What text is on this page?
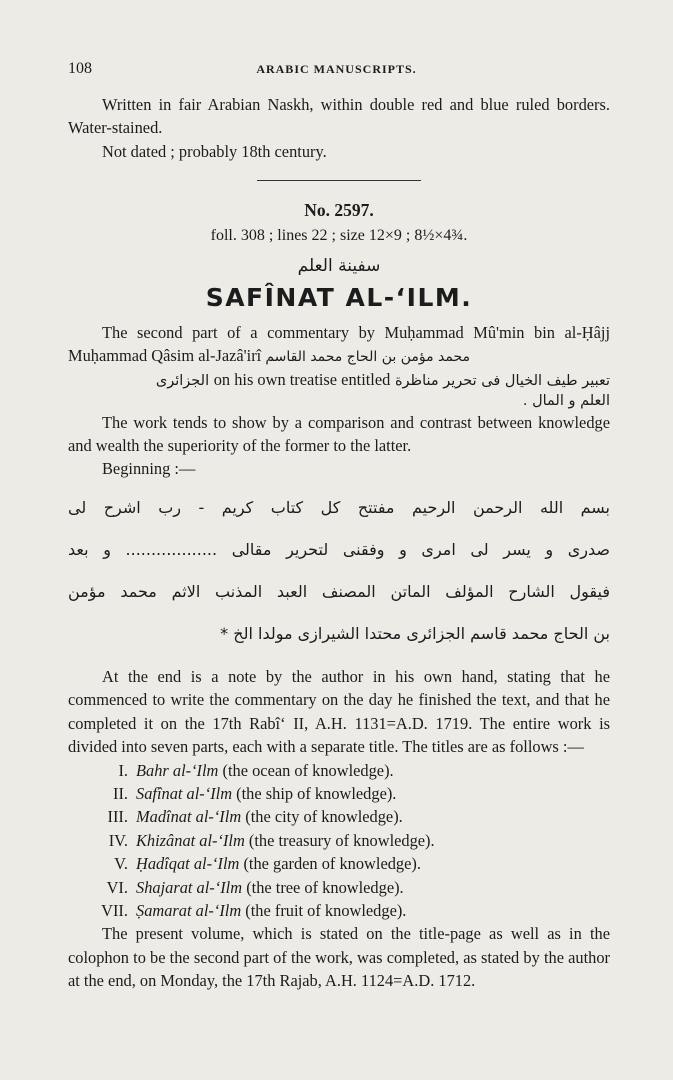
108	ARABIC MANUSCRIPTS.

Written in fair Arabian Naskh, within double red and blue ruled borders. Water-stained.

Not dated ; probably 18th century.

No. 2597.
foll. 308 ; lines 22 ; size 12×9 ; 8½×4¾.
سفينة العلم
SAFÎNAT AL-‘ILM.

The second part of a commentary by Muḥammad Mû'min bin al-Ḥâjj Muḥammad Qâsim al-Jazâ'irî محمد مؤمن بن الحاج محمد القاسم

تعبير طيف الخيال فى تحرير مناظرة on his own treatise entitled الجزائرى
العلم و المال .

The work tends to show by a comparison and contrast between knowledge and wealth the superiority of the former to the latter.

Beginning :—

بسم الله الرحمن الرحيم مفتتح كل كتاب كريم - رب اشرح لى
صدرى و يسر لى امرى و وفقنى لتحرير مقالى .................. و بعد
فيقول الشارح المؤلف الماتن المصنف العبد المذنب الاثم محمد مؤمن
بن الحاج محمد قاسم الجزائرى محتدا الشيرازى مولدا الخ *

At the end is a note by the author in his own hand, stating that he commenced to write the commentary on the day he finished the text, and that he completed it on the 17th Rabî‘ II, A.H. 1131=A.D. 1719. The entire work is divided into seven parts, each with a separate title. The titles are as follows :—

I. Bahr al-‘Ilm
(the ocean of knowledge).
II. Safînat al-‘Ilm
(the ship of knowledge).
III. Madînat al-‘Ilm
(the city of knowledge).
IV. Khizânat al-‘Ilm
(the treasury of knowledge).
V. Ḥadîqat al-‘Ilm
(the garden of knowledge).
VI. Shajarat al-‘Ilm
(the tree of knowledge).
VII. Ṣamarat al-‘Ilm
(the fruit of knowledge).

The present volume, which is stated on the title-page as well as in the colophon to be the second part of the work, was completed, as stated by the author at the end, on Monday, the 17th Rajab, A.H. 1124=A.D. 1712.
